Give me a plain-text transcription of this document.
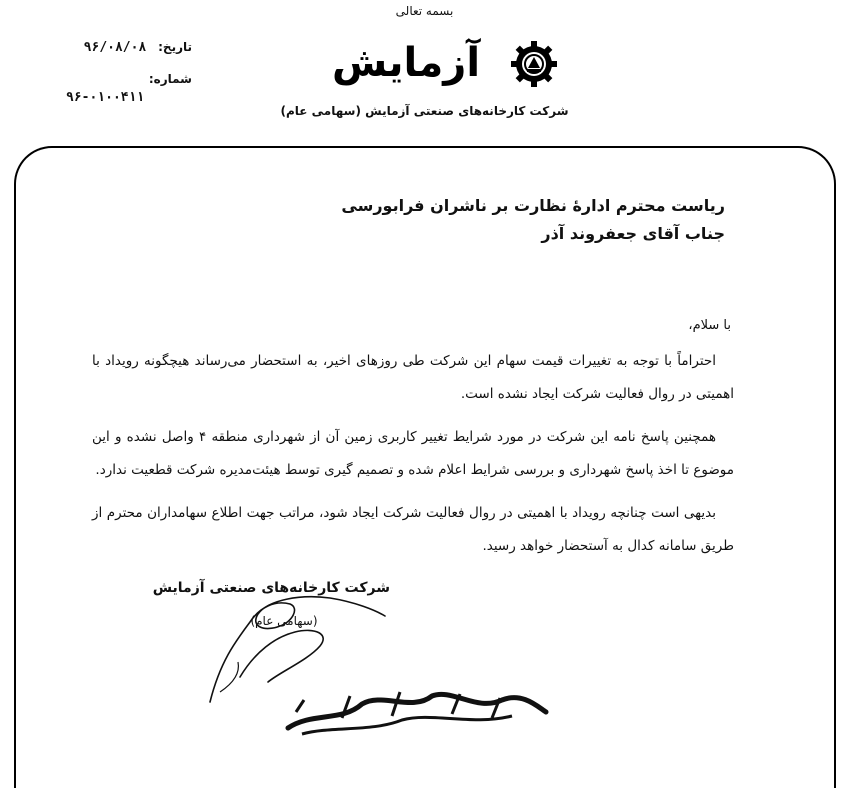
بسمه تعالی
تاریخ: ۹۶/۰۸/۰۸
شماره:
۹۶-۰۱۰۰۴۱۱
آزمایش
شرکت کارخانه‌های صنعتی آزمایش (سهامی عام)
ریاست محترم ادارهٔ نظارت بر ناشران فرابورسی
جناب آقای جعفروند آذر
با سلام،

احتراماً با توجه به تغییرات قیمت سهام این شرکت طی روزهای اخیر، به استحضار می‌رساند هیچگونه رویداد با اهمیتی در روال فعالیت شرکت ایجاد نشده است.

همچنین پاسخ نامه این شرکت در مورد شرایط تغییر کاربری زمین آن از شهرداری منطقه ۴ واصل نشده و این موضوع تا اخذ پاسخ شهرداری و بررسی شرایط اعلام شده و تصمیم گیری توسط هیئت‌مدیره شرکت قطعیت ندارد.

بدیهی است چنانچه رویداد با اهمیتی در روال فعالیت شرکت ایجاد شود، مراتب جهت اطلاع سهامداران محترم از طریق سامانه کدال به آستحضار خواهد رسید.

شرکت کارخانه‌های صنعتی آزمایش
(سهامی عام)
